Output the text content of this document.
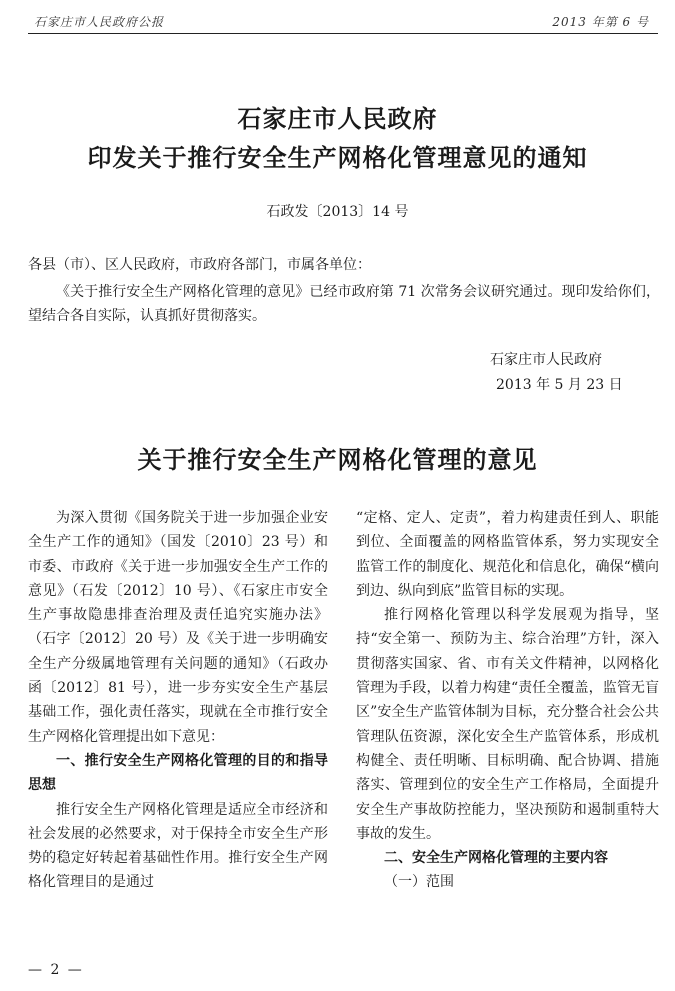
石家庄市人民政府公报	2013 年第 6 号
石家庄市人民政府
印发关于推行安全生产网格化管理意见的通知
石政发〔2013〕14 号
各县（市）、区人民政府，市政府各部门，市属各单位：
《关于推行安全生产网格化管理的意见》已经市政府第 71 次常务会议研究通过。现印发给你们，望结合各自实际，认真抓好贯彻落实。
石家庄市人民政府
2013 年 5 月 23 日
关于推行安全生产网格化管理的意见

为深入贯彻《国务院关于进一步加强企业安全生产工作的通知》（国发〔2010〕23 号）和市委、市政府《关于进一步加强安全生产工作的意见》（石发〔2012〕10 号）、《石家庄市安全生产事故隐患排查治理及责任追究实施办法》（石字〔2012〕20 号）及《关于进一步明确安全生产分级属地管理有关问题的通知》（石政办函〔2012〕81 号），进一步夯实安全生产基层基础工作，强化责任落实，现就在全市推行安全生产网格化管理提出如下意见：

一、推行安全生产网格化管理的目的和指导思想

推行安全生产网格化管理是适应全市经济和社会发展的必然要求，对于保持全市安全生产形势的稳定好转起着基础性作用。推行安全生产网格化管理目的是通过

“定格、定人、定责”，着力构建责任到人、职能到位、全面覆盖的网格监管体系，努力实现安全监管工作的制度化、规范化和信息化，确保“横向到边、纵向到底”监管目标的实现。

推行网格化管理以科学发展观为指导，坚持“安全第一、预防为主、综合治理”方针，深入贯彻落实国家、省、市有关文件精神，以网格化管理为手段，以着力构建“责任全覆盖，监管无盲区”安全生产监管体制为目标，充分整合社会公共管理队伍资源，深化安全生产监管体系，形成机构健全、责任明晰、目标明确、配合协调、措施落实、管理到位的安全生产工作格局，全面提升安全生产事故防控能力，坚决预防和遏制重特大事故的发生。

二、安全生产网格化管理的主要内容

（一）范围

— 2 —
